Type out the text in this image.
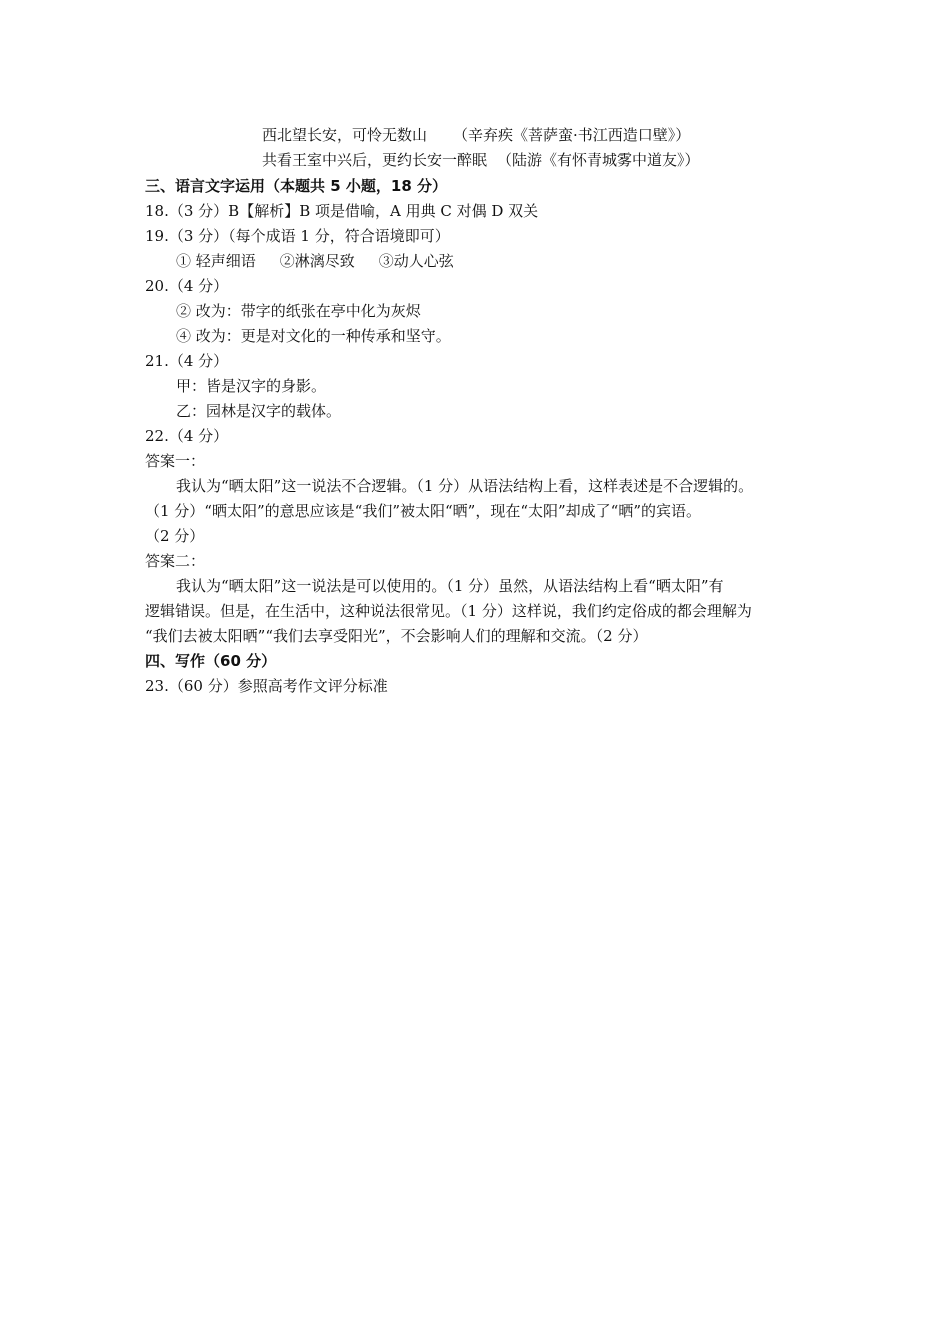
西北望长安，可怜无数山 （辛弃疾《菩萨蛮·书江西造口壁》）
共看王室中兴后，更约长安一醉眠 （陆游《有怀青城雾中道友》）
三、语言文字运用（本题共 5 小题，18 分）
18.（3 分）B【解析】B 项是借喻，A 用典 C 对偶 D 双关
19.（3 分）（每个成语 1 分，符合语境即可）
① 轻声细语 ②淋漓尽致 ③动人心弦
20.（4 分）
② 改为：带字的纸张在亭中化为灰烬
④ 改为：更是对文化的一种传承和坚守。
21.（4 分）
甲：皆是汉字的身影。
乙：园林是汉字的载体。
22.（4 分）
答案一：
我认为“晒太阳”这一说法不合逻辑。（1 分）从语法结构上看，这样表述是不合逻辑的。
（1 分）“晒太阳”的意思应该是“我们”被太阳“晒”，现在“太阳”却成了“晒”的宾语。
（2 分）
答案二：
我认为“晒太阳”这一说法是可以使用的。（1 分）虽然，从语法结构上看“晒太阳”有
逻辑错误。但是，在生活中，这种说法很常见。（1 分）这样说，我们约定俗成的都会理解为
“我们去被太阳晒”“我们去享受阳光”，不会影响人们的理解和交流。（2 分）
四、写作（60 分）
23.（60 分）参照高考作文评分标准
